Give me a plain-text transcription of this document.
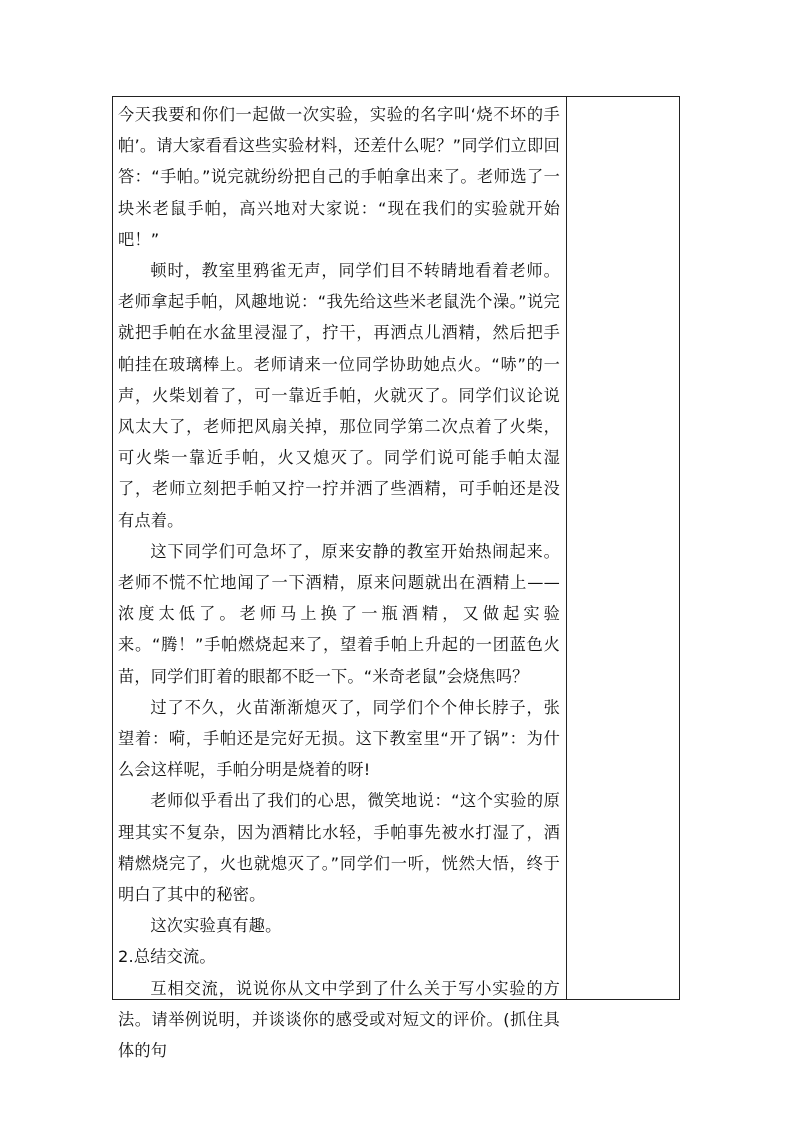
今天我要和你们一起做一次实验，实验的名字叫‘烧不坏的手帕’。请大家看看这些实验材料，还差什么呢？”同学们立即回答：“手帕。”说完就纷纷把自己的手帕拿出来了。老师选了一块米老鼠手帕，高兴地对大家说：“现在我们的实验就开始吧！”

顿时，教室里鸦雀无声，同学们目不转睛地看着老师。老师拿起手帕，风趣地说：“我先给这些米老鼠洗个澡。”说完就把手帕在水盆里浸湿了，拧干，再洒点儿酒精，然后把手帕挂在玻璃棒上。老师请来一位同学协助她点火。“哧”的一声，火柴划着了，可一靠近手帕，火就灭了。同学们议论说风太大了，老师把风扇关掉，那位同学第二次点着了火柴，可火柴一靠近手帕，火又熄灭了。同学们说可能手帕太湿了，老师立刻把手帕又拧一拧并洒了些酒精，可手帕还是没有点着。

这下同学们可急坏了，原来安静的教室开始热闹起来。老师不慌不忙地闻了一下酒精，原来问题就出在酒精上——浓度太低了。老师马上换了一瓶酒精，又做起实验来。“腾！”手帕燃烧起来了，望着手帕上升起的一团蓝色火苗，同学们盯着的眼都不眨一下。“米奇老鼠”会烧焦吗？

过了不久，火苗渐渐熄灭了，同学们个个伸长脖子，张望着：嗬，手帕还是完好无损。这下教室里“开了锅”：为什么会这样呢，手帕分明是烧着的呀!

老师似乎看出了我们的心思，微笑地说：“这个实验的原理其实不复杂，因为酒精比水轻，手帕事先被水打湿了，酒精燃烧完了，火也就熄灭了。”同学们一听，恍然大悟，终于明白了其中的秘密。

这次实验真有趣。

2.总结交流。

互相交流，说说你从文中学到了什么关于写小实验的方法。请举例说明，并谈谈你的感受或对短文的评价。(抓住具体的句
